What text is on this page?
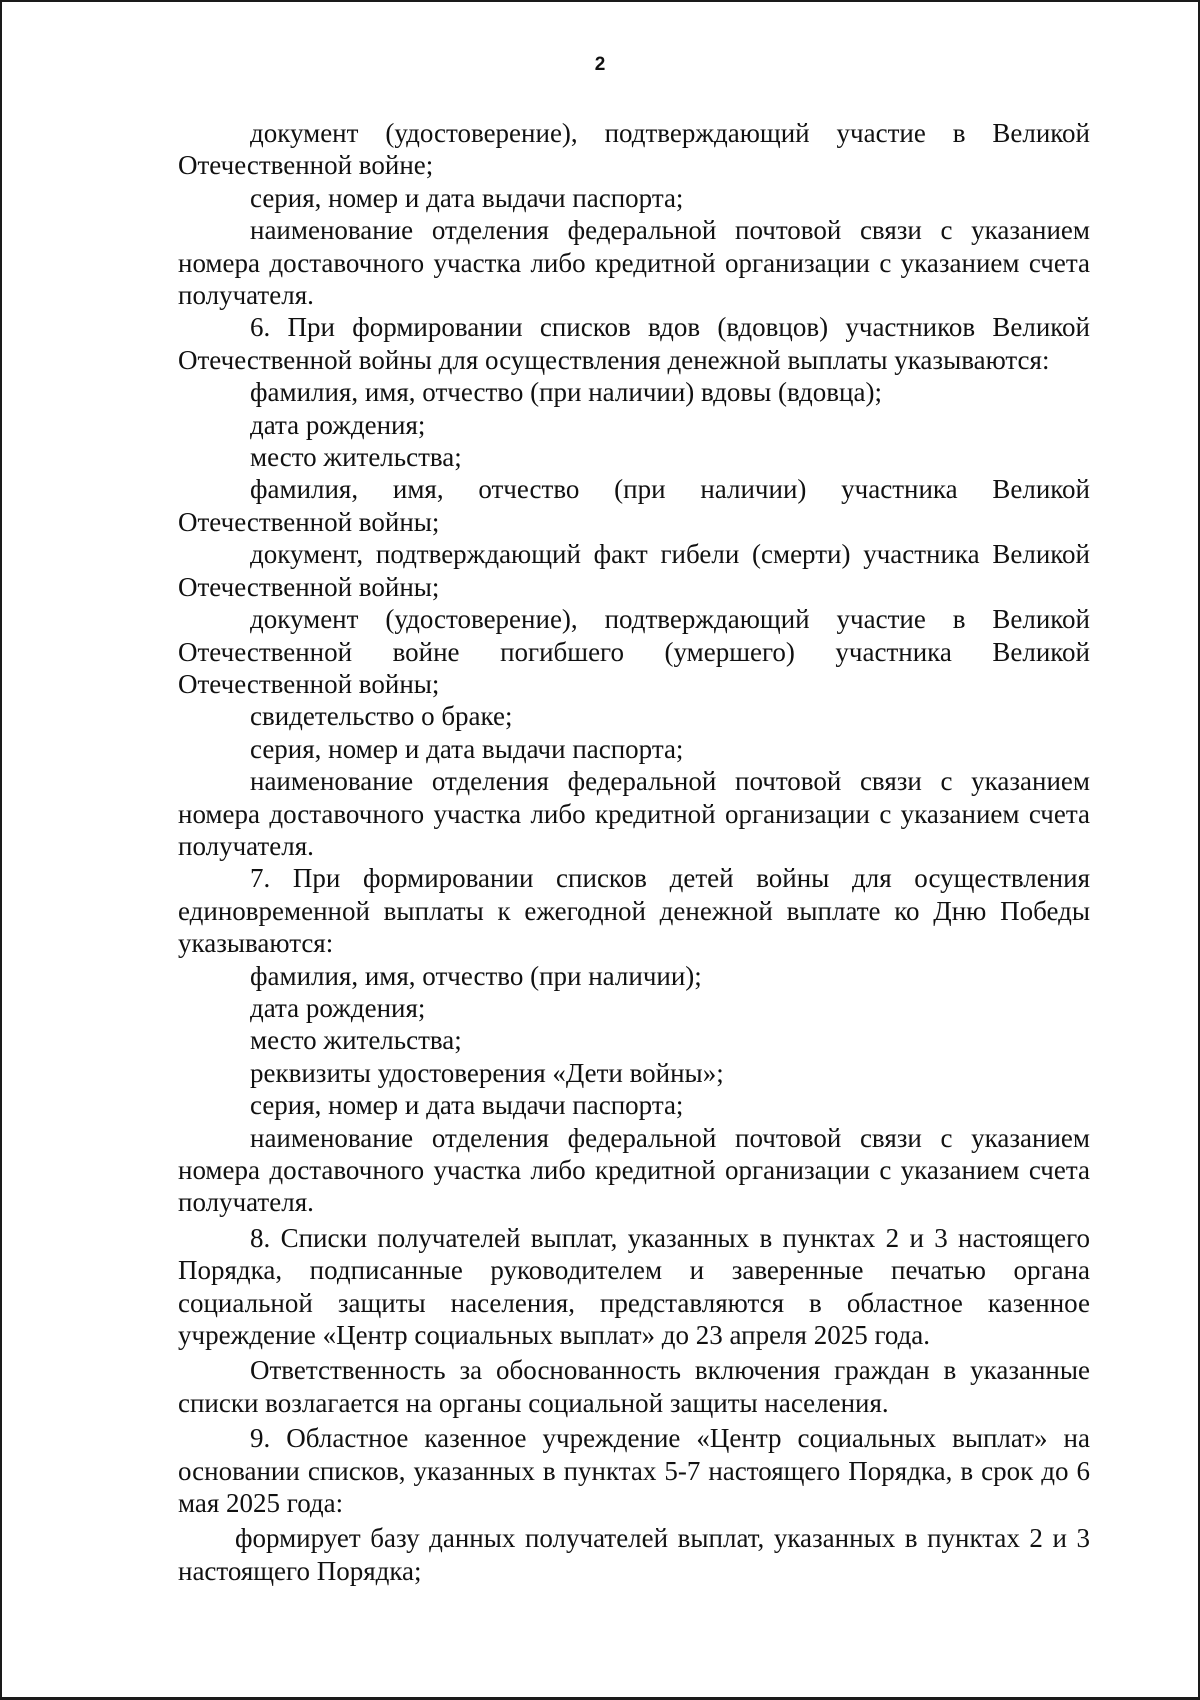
2

документ (удостоверение), подтверждающий участие в Великой Отечественной войне;

серия, номер и дата выдачи паспорта;

наименование отделения федеральной почтовой связи с указанием номера доставочного участка либо кредитной организации с указанием счета получателя.

6. При формировании списков вдов (вдовцов) участников Великой Отечественной войны для осуществления денежной выплаты указываются:

фамилия, имя, отчество (при наличии) вдовы (вдовца);

дата рождения;

место жительства;

фамилия, имя, отчество (при наличии) участника Великой Отечественной войны;

документ, подтверждающий факт гибели (смерти) участника Великой Отечественной войны;

документ (удостоверение), подтверждающий участие в Великой Отечественной войне погибшего (умершего) участника Великой Отечественной войны;

свидетельство о браке;

серия, номер и дата выдачи паспорта;

наименование отделения федеральной почтовой связи с указанием номера доставочного участка либо кредитной организации с указанием счета получателя.

7. При формировании списков детей войны для осуществления единовременной выплаты к ежегодной денежной выплате ко Дню Победы указываются:

фамилия, имя, отчество (при наличии);

дата рождения;

место жительства;

реквизиты удостоверения «Дети войны»;

серия, номер и дата выдачи паспорта;

наименование отделения федеральной почтовой связи с указанием номера доставочного участка либо кредитной организации с указанием счета получателя.

8. Списки получателей выплат, указанных в пунктах 2 и 3 настоящего Порядка, подписанные руководителем и заверенные печатью органа социальной защиты населения, представляются в областное казенное учреждение «Центр социальных выплат» до 23 апреля 2025 года.

Ответственность за обоснованность включения граждан в указанные списки возлагается на органы социальной защиты населения.

9. Областное казенное учреждение «Центр социальных выплат» на основании списков, указанных в пунктах 5-7 настоящего Порядка, в срок до 6 мая 2025 года:

формирует базу данных получателей выплат, указанных в пунктах 2 и 3 настоящего Порядка;
